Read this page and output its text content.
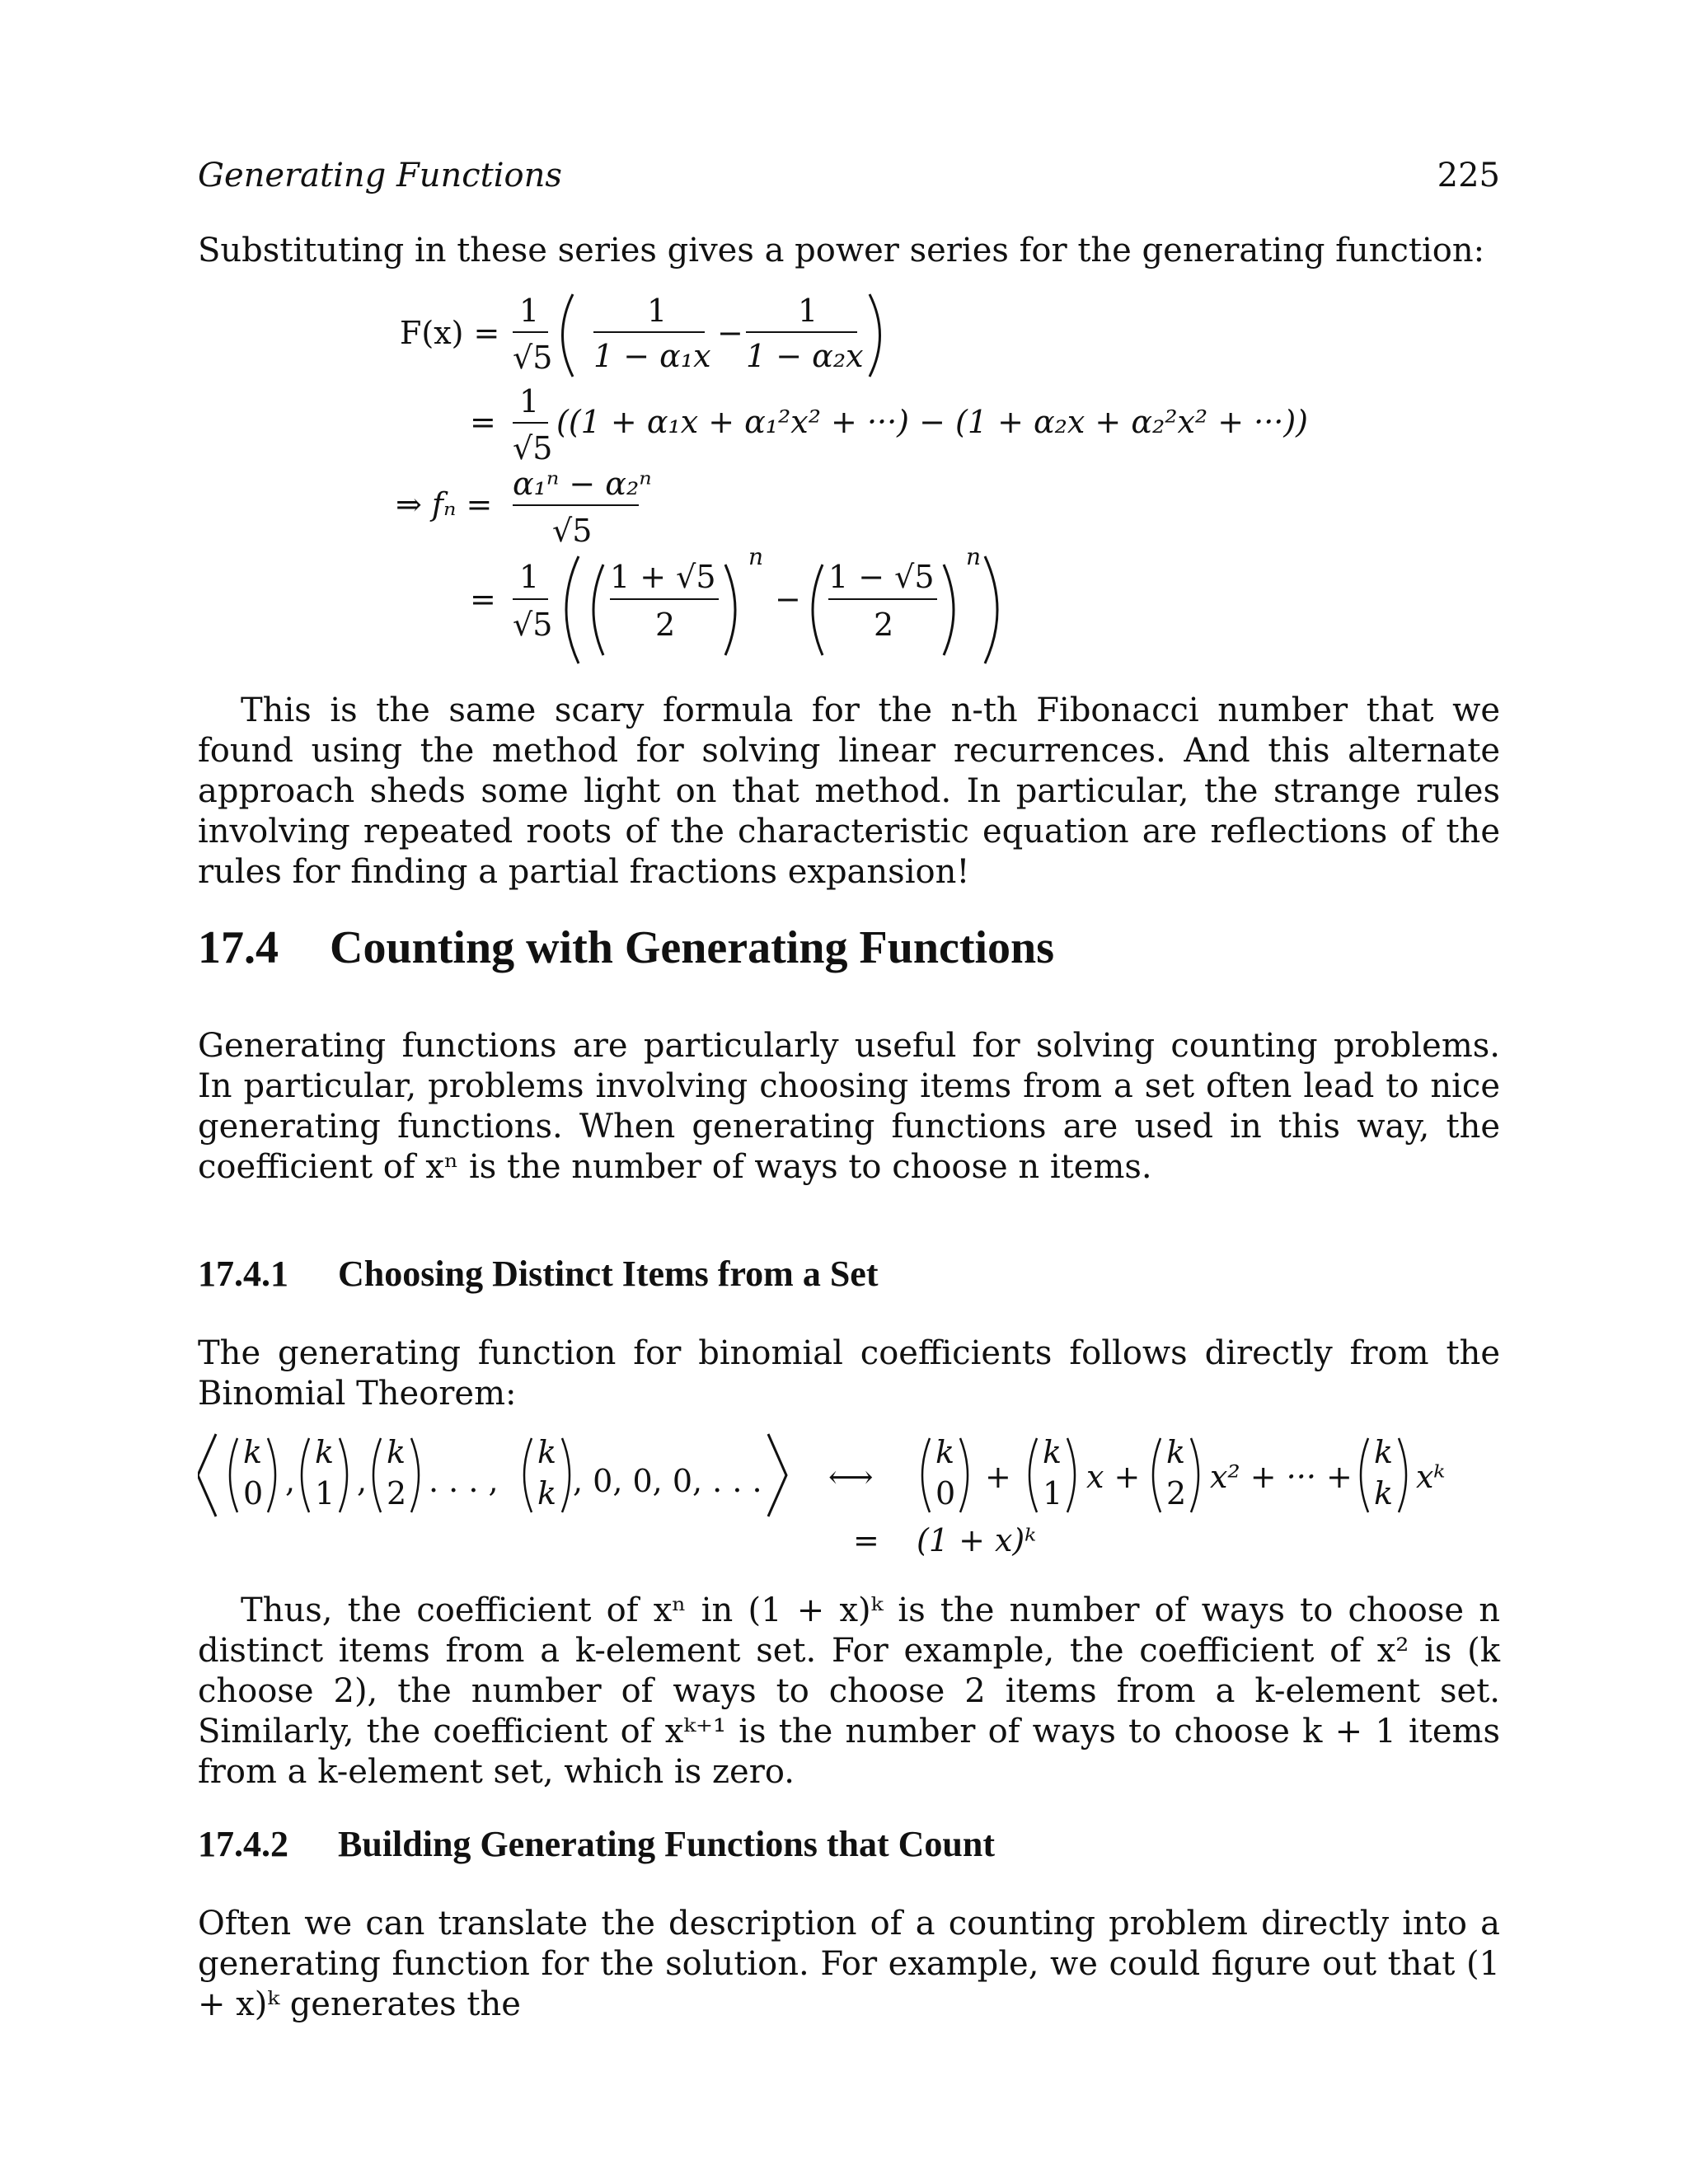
Generating Functions	225

Substituting in these series gives a power series for the generating function:

F(x) =
1
√5
1
1 − α₁x
−
1
1 − α₂x
=
1
√5
((1 + α₁x + α₁²x² + ···) − (1 + α₂x + α₂²x² + ···))
⇒ fₙ =
α₁ⁿ − α₂ⁿ
√5
=
1
√5
1 + √5
2
n
−
1 − √5
2
n

This is the same scary formula for the n-th Fibonacci number that we found using the method for solving linear recurrences. And this alternate approach sheds some light on that method. In particular, the strange rules involving repeated roots of the characteristic equation are reflections of the rules for finding a partial fractions expansion!

17.4 Counting with Generating Functions

Generating functions are particularly useful for solving counting problems. In particular, problems involving choosing items from a set often lead to nice generating functions. When generating functions are used in this way, the coefficient of xⁿ is the number of ways to choose n items.

17.4.1 Choosing Distinct Items from a Set

The generating function for binomial coefficients follows directly from the Binomial Theorem:

k
0 ,
k
1 ,
k
2 . . . ,
k
k , 0, 0, 0, . . . ⟷
k
0 +
k
1 x +
k
2 x² + ··· +
k
k xᵏ
= (1 + x)ᵏ

Thus, the coefficient of xⁿ in (1 + x)ᵏ is the number of ways to choose n distinct items from a k-element set. For example, the coefficient of x² is (k choose 2), the number of ways to choose 2 items from a k-element set. Similarly, the coefficient of xᵏ⁺¹ is the number of ways to choose k + 1 items from a k-element set, which is zero.

17.4.2 Building Generating Functions that Count

Often we can translate the description of a counting problem directly into a generating function for the solution. For example, we could figure out that (1 + x)ᵏ generates the
